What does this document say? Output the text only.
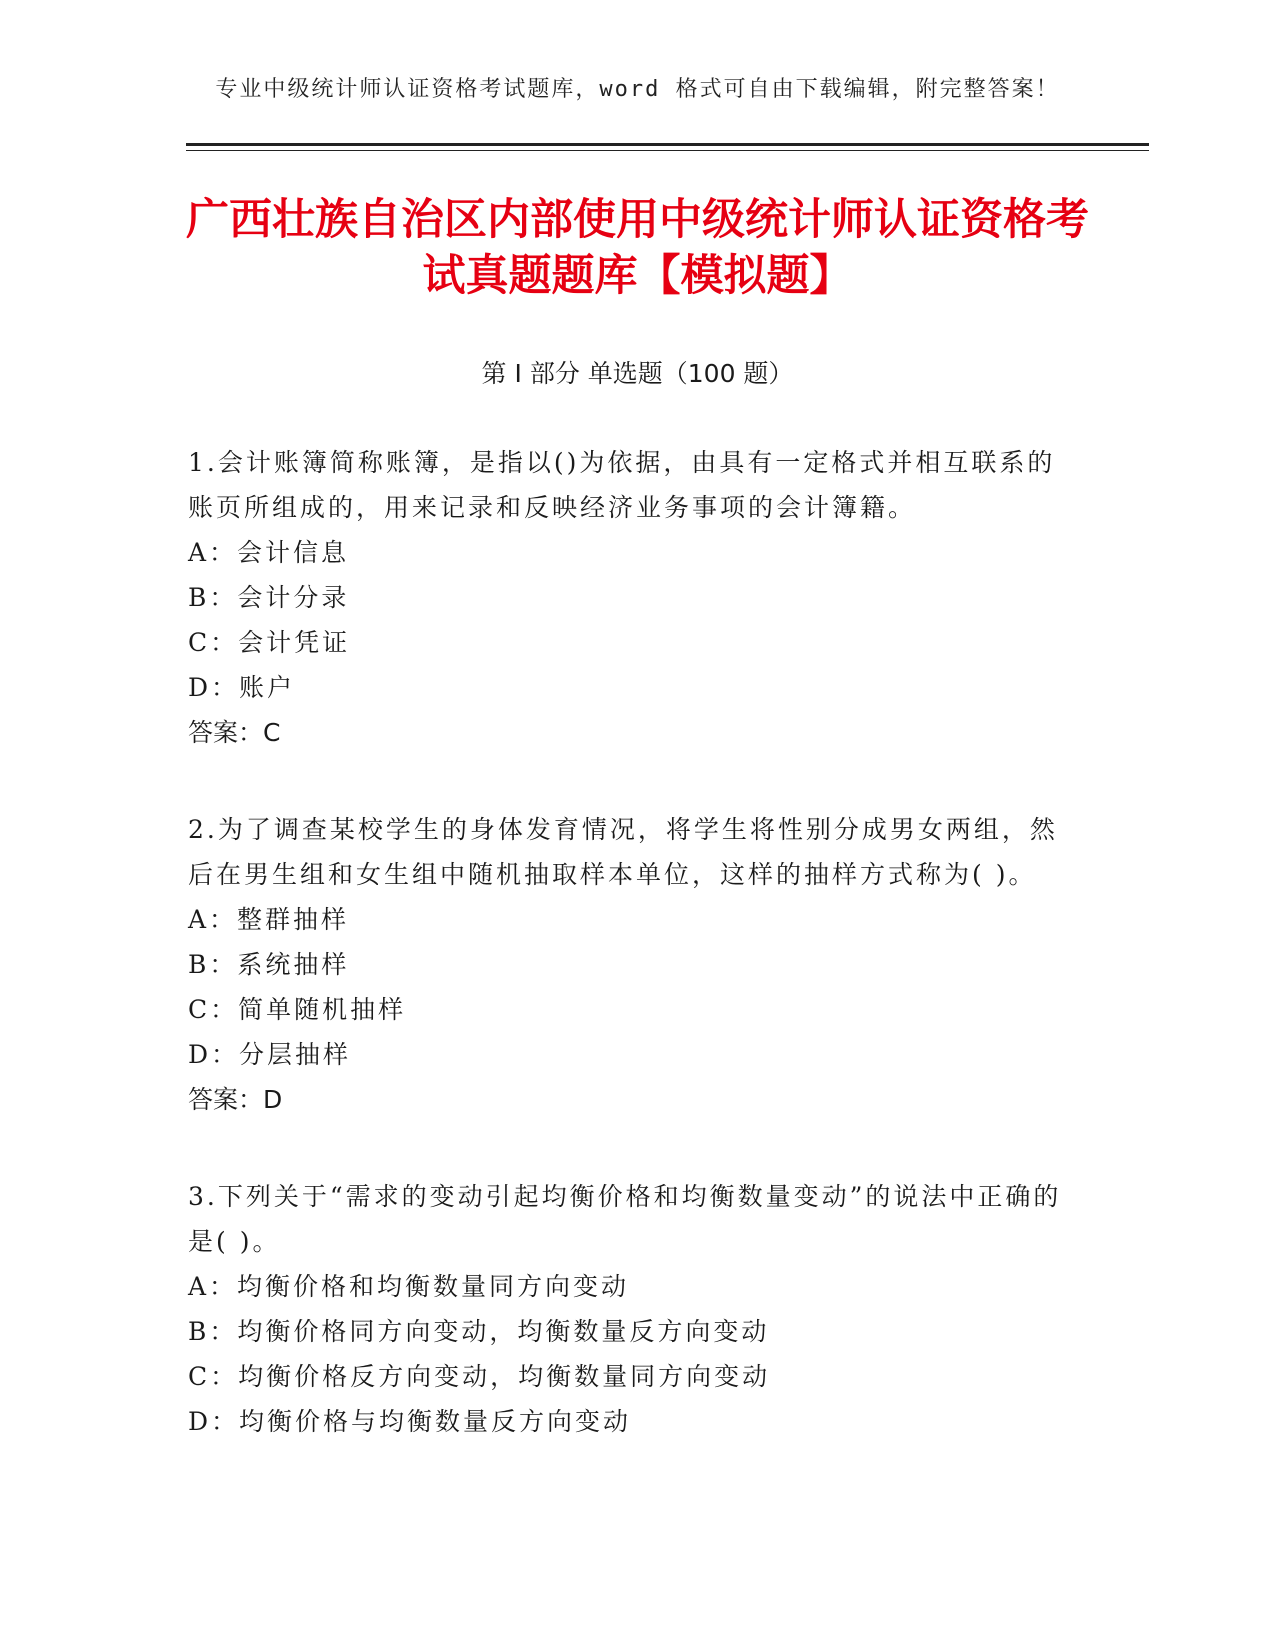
专业中级统计师认证资格考试题库，word 格式可自由下载编辑，附完整答案！
广西壮族自治区内部使用中级统计师认证资格考试真题题库【模拟题】
第 I 部分 单选题（100 题）

1.会计账簿简称账簿，是指以()为依据，由具有一定格式并相互联系的账页所组成的，用来记录和反映经济业务事项的会计簿籍。

A：会计信息

B：会计分录

C：会计凭证

D：账户

答案：C

2.为了调查某校学生的身体发育情况，将学生将性别分成男女两组，然后在男生组和女生组中随机抽取样本单位，这样的抽样方式称为( )。

A：整群抽样

B：系统抽样

C：简单随机抽样

D：分层抽样

答案：D

3.下列关于“需求的变动引起均衡价格和均衡数量变动”的说法中正确的是( )。

A：均衡价格和均衡数量同方向变动

B：均衡价格同方向变动，均衡数量反方向变动

C：均衡价格反方向变动，均衡数量同方向变动

D：均衡价格与均衡数量反方向变动
